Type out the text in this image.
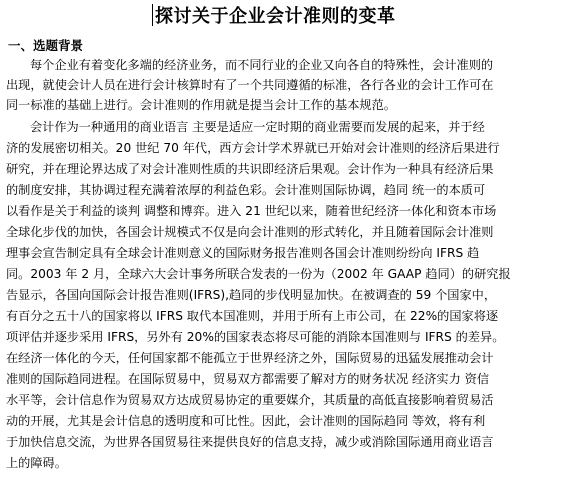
探讨关于企业会计准则的变革
一、选题背景
每个企业有着变化多端的经济业务，而不同行业的企业又向各自的特殊性，会计准则的
出现，就使会计人员在进行会计核算时有了一个共同遵循的标准，各行各业的会计工作可在
同一标准的基础上进行。会计准则的作用就是提当会计工作的基本规范。
会计作为一种通用的商业语言 主要是适应一定时期的商业需要而发展的起来，并于经
济的发展密切相关。20 世纪 70 年代，西方会计学术界就已开始对会计准则的经济后果进行
研究，并在理论界达成了对会计准则性质的共识即经济后果观。会计作为一种具有经济后果
的制度安排，其协调过程充满着浓厚的利益色彩。会计准则国际协调，趋同 统一的本质可
以看作是关于利益的谈判 调整和博弈。进入 21 世纪以来，随着世纪经济一体化和资本市场
全球化步伐的加快，各国会计规模式不仅是向会计准则的形式转化，并且随着国际会计准则
理事会宣告制定具有全球会计准则意义的国际财务报告准则各国会计准则纷纷向 IFRS 趋
同。2003 年 2 月，全球六大会计事务所联合发表的一份为（2002 年 GAAP 趋同）的研究报
告显示，各国向国际会计报告准则(IFRS),趋同的步伐明显加快。在被调查的 59 个国家中，
有百分之五十八的国家将以 IFRS 取代本国准则，并用于所有上市公司，在 22%的国家将逐
项评估并逐步采用 IFRS，另外有 20%的国家表态将尽可能的消除本国准则与 IFRS 的差异。
在经济一体化的今天，任何国家都不能孤立于世界经济之外，国际贸易的迅猛发展推动会计
准则的国际趋同进程。在国际贸易中，贸易双方都需要了解对方的财务状况 经济实力 资信
水平等，会计信息作为贸易双方达成贸易协定的重要媒介，其质量的高低直接影响着贸易活
动的开展，尤其是会计信息的透明度和可比性。因此，会计准则的国际趋同 等效，将有利
于加快信息交流，为世界各国贸易往来提供良好的信息支持，减少或消除国际通用商业语言
上的障碍。
